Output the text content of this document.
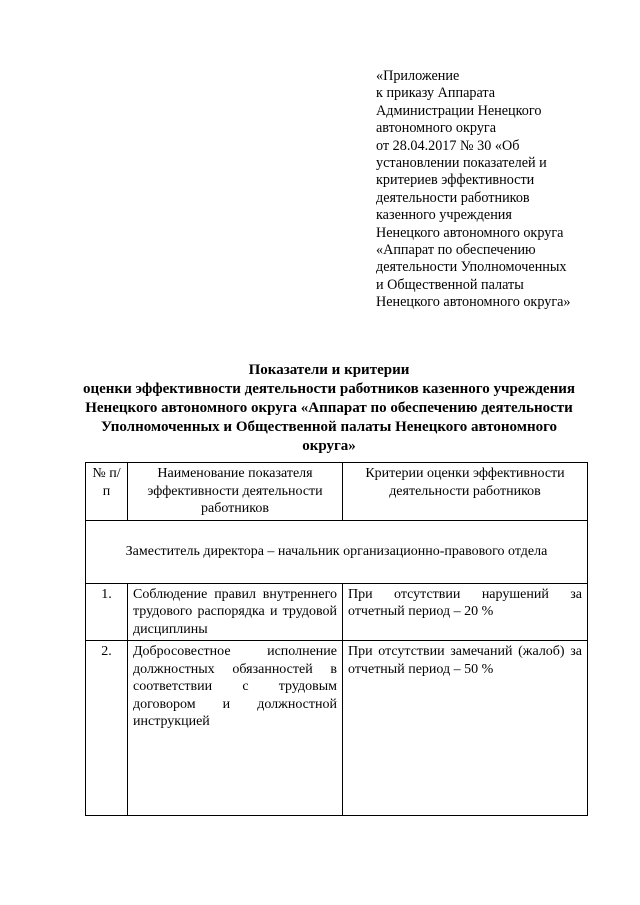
«Приложение
к приказу Аппарата
Администрации Ненецкого
автономного округа
от 28.04.2017 № 30 «Об
установлении показателей и
критериев эффективности
деятельности работников
казенного учреждения
Ненецкого автономного округа
«Аппарат по обеспечению
деятельности Уполномоченных
и Общественной палаты
Ненецкого автономного округа»
Показатели и критерии
оценки эффективности деятельности работников казенного учреждения
Ненецкого автономного округа «Аппарат по обеспечению деятельности
Уполномоченных и Общественной палаты Ненецкого автономного
округа»
№ п/п	Наименование показателя эффективности деятельности работников	Критерии оценки эффективности деятельности работников
Заместитель директора – начальник организационно-правового отдела		
1.	Соблюдение правил внутреннего трудового распорядка и трудовой дисциплины	При отсутствии нарушений за отчетный период – 20 %
2.	Добросовестное исполнение должностных обязанностей в соответствии с трудовым договором и должностной инструкцией	При отсутствии замечаний (жалоб) за отчетный период – 50 %
